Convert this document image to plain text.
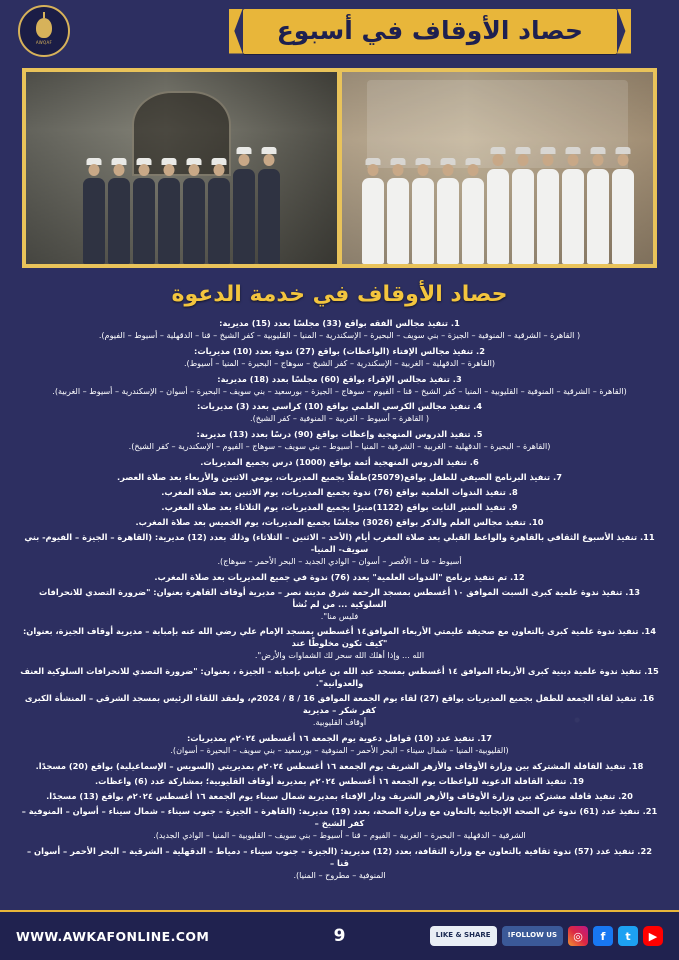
حصاد الأوقاف في أسبوع
AWQAF
حصاد الأوقاف في خدمة الدعوة
1. تنفيذ مجالس الفقه بواقع (33) مجلسًا بعدد (15) مديرية:
( القاهرة – الشرقية – المنوفية – الجيزة – بني سويف – البحيرة – الإسكندرية – المنيا – القليوبية – كفر الشيخ – قنا – الدقهلية – أسيوط – الفيوم).
2. تنفيذ مجالس الإفتاء (الواعظات) بواقع (27) ندوة بعدد (10) مديريات:
(القاهرة – الدقهلية – الغربية – الإسكندرية – كفر الشيخ – سوهاج – البحيرة – المنيا – أسيوط).
3. تنفيذ مجالس الإقراء بواقع (60) مجلسًا بعدد (18) مديرية:
(القاهرة – الشرقية – المنوفية – القليوبية – المنيا – كفر الشيخ – قنا – الفيوم – سوهاج – الجيزة – بورسعيد – بني سويف – البحيرة – أسوان – الإسكندرية – أسيوط – الغربية).
4. تنفيذ مجالس الكرسي العلمي بواقع (10) كراسي بعدد (3) مديريات:
( القاهرة – أسيوط – الغربية – المنوفية – كفر الشيخ).
5. تنفيذ الدروس المنهجية وإعظات بواقع (90) درسًا بعدد (13) مديرية:
(القاهرة – البحيرة – الدقهلية – الغربية – الشرقية – المنيا – أسيوط – بني سويف – سوهاج – الفيوم – الإسكندرية – كفر الشيخ).
6. تنفيذ الدروس المنهجية أئمة بواقع (1000) درس بجميع المديريات.
7. تنفيذ البرنامج الصيفي للطفل بواقع(25079)طفلًا بجميع المديريات، يومي الاثنين والأربعاء بعد صلاة العصر.
8. تنفيذ الندوات العلمية بواقع (76) ندوة بجميع المديريات، يوم الاثنين بعد صلاة المغرب.
9. تنفيذ المنبر الثابت بواقع (1122)منبرًا بجميع المديريات، يوم الثلاثاء بعد صلاة المغرب.
10. تنفيذ مجالس العلم والذكر بواقع (3026) مجلسًا بجميع المديريات، يوم الخميس بعد صلاة المغرب.
11. تنفيذ الأسبوع الثقافي بالقاهرة والواعظ القبلي بعد صلاة المغرب أيام (الأحد – الاثنين – الثلاثاء) وذلك بعدد (12) مديرية: (القاهرة – الجيزة – الفيوم- بني سويف- المنيا-
أسيوط – قنا – الأقصر – أسوان – الوادي الجديد – البحر الأحمر – سوهاج).
12. تم تنفيذ برنامج "الندوات العلمية" بعدد (76) ندوة في جميع المديريات بعد صلاة المغرب.
13. تنفيذ ندوة علمية كبرى السبت الموافق ١٠ أغسطس بمسجد الرحمة شرق مدينة نصر – مديرية أوقاف القاهرة بعنوان: "ضرورة التصدي للانحرافات السلوكية ... من لم نُشأ
فليس منا".
14. تنفيذ ندوة علمية كبرى بالتعاون مع صحيفة عليمتي الأربعاء الموافق١٤ أغسطس بمسجد الإمام علي رضي الله عنه بإمبابة – مديرية أوقاف الجيزة، بعنوان: "كيف تكون مخلوطًا عند
الله ... وإذا أهلك الله سحر لك الشماوات والأرض".
15. تنفيذ ندوة علمية دينية كبرى الأربعاء الموافق ١٤ أغسطس بمسجد عبد الله بن عباس بإمبابة – الجيزة ، بعنوان: "ضرورة التصدي للانحرافات السلوكية العنف والعدوانية".
16. تنفيذ لقاء الجمعة للطفل بجميع المديريات بواقع (27) لقاء يوم الجمعة الموافق 16 / 8 / 2024م، ولعقد اللقاء الرئيس بمسجد الشرقي – المنشأة الكبرى كفر شكر – مديرية
أوقاف القليوبية.
17. تنفيذ عدد (10) قوافل دعوية يوم الجمعة ١٦ أغسطس ٢٠٢٤م بمديريات:
(القليوبية- المنيا – شمال سيناء – البحر الأحمر – المنوفية – بورسعيد – بني سويف – البحيرة – أسوان).
18. تنفيذ القافلة المشتركة بين وزارة الأوقاف والأزهر الشريف يوم الجمعة ١٦ أغسطس ٢٠٢٤م بمديريتي (السويس – الإسماعيلية) بواقع (20) مسجدًا.
19. تنفيذ القافلة الدعوية للواعظات يوم الجمعة ١٦ أغسطس ٢٠٢٤م بمديرية أوقاف القليوبية؛ بمشاركة عدد (6) واعظات.
20. تنفيذ قافلة مشتركة بين وزارة الأوقاف والأزهر الشريف ودار الإفتاء بمديرية شمال سيناء يوم الجمعة ١٦ أغسطس ٢٠٢٤م بواقع (13) مسجدًا.
21. تنفيذ عدد (61) ندوة عن الصحة الإنجابية بالتعاون مع وزارة الصحة، بعدد (19) مديرية: (القاهرة – الجيزة – جنوب سيناء – شمال سيناء – أسوان – المنوفية – كفر الشيخ –
الشرقية – الدقهلية – البحيرة – الغربية – الفيوم – قنا – أسيوط – بني سويف – القليوبية – المنيا – الوادي الجديد).
22. تنفيذ عدد (57) ندوة ثقافية بالتعاون مع وزارة الثقافة، بعدد (12) مديرية: (الجيزة – جنوب سيناء – دمياط – الدقهلية – الشرقية – البحر الأحمر – أسوان – قنا –
المنوفية – مطروح – المنيا).
▶
t
f
◎
FOLLOW US!
LIKE & SHARE
9
WWW.AWKAFONLINE.COM
